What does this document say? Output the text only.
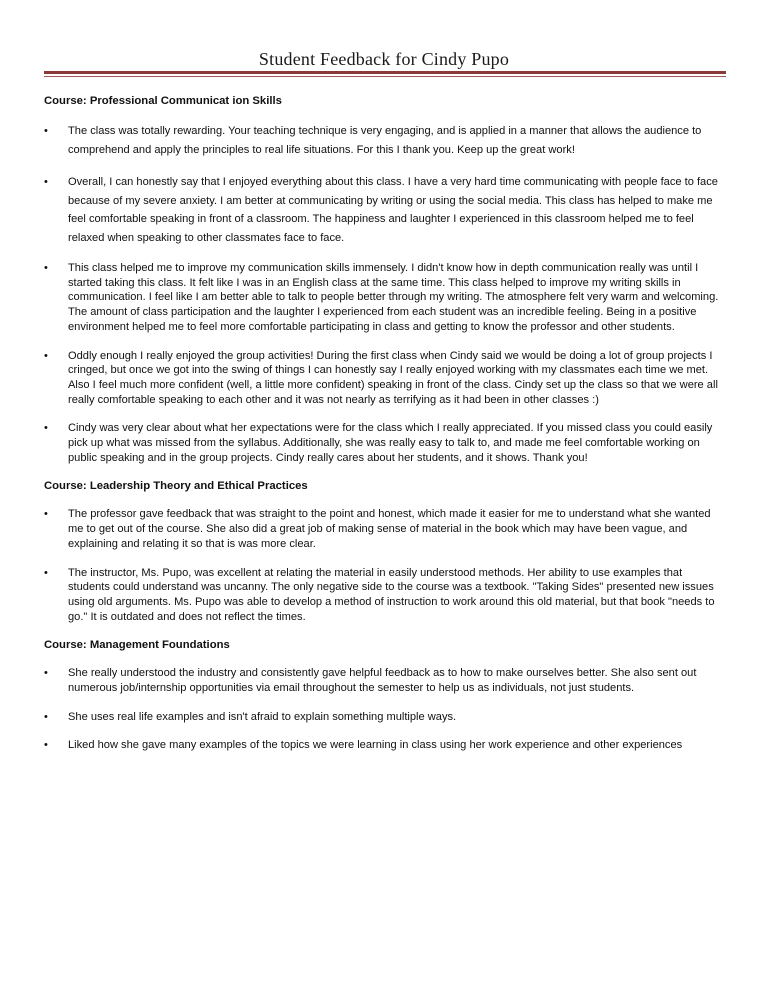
Student Feedback for Cindy Pupo
Course: Professional Communicat ion Skills
• The class was totally rewarding. Your teaching technique is very engaging, and is applied in a manner that allows the audience to comprehend and apply the principles to real life situations. For this I thank you. Keep up the great work!
• Overall, I can honestly say that I enjoyed everything about this class. I have a very hard time communicating with people face to face because of my severe anxiety. I am better at communicating by writing or using the social media. This class has helped to make me feel comfortable speaking in front of a classroom. The happiness and laughter I experienced in this classroom helped me to feel relaxed when speaking to other classmates face to face.
• This class helped me to improve my communication skills immensely. I didn't know how in depth communication really was until I started taking this class. It felt like I was in an English class at the same time. This class helped to improve my writing skills in communication. I feel like I am better able to talk to people better through my writing. The atmosphere felt very warm and welcoming. The amount of class participation and the laughter I experienced from each student was an incredible feeling. Being in a positive environment helped me to feel more comfortable participating in class and getting to know the professor and other students.
• Oddly enough I really enjoyed the group activities! During the first class when Cindy said we would be doing a lot of group projects I cringed, but once we got into the swing of things I can honestly say I really enjoyed working with my classmates each time we met. Also I feel much more confident (well, a little more confident) speaking in front of the class. Cindy set up the class so that we were all really comfortable speaking to each other and it was not nearly as terrifying as it had been in other classes :)
• Cindy was very clear about what her expectations were for the class which I really appreciated. If you missed class you could easily pick up what was missed from the syllabus. Additionally, she was really easy to talk to, and made me feel comfortable working on public speaking and in the group projects. Cindy really cares about her students, and it shows. Thank you!
Course: Leadership Theory and Ethical Practices
• The professor gave feedback that was straight to the point and honest, which made it easier for me to understand what she wanted me to get out of the course. She also did a great job of making sense of material in the book which may have been vague, and explaining and relating it so that is was more clear.
• The instructor, Ms. Pupo, was excellent at relating the material in easily understood methods. Her ability to use examples that students could understand was uncanny. The only negative side to the course was a textbook. "Taking Sides" presented new issues using old arguments. Ms. Pupo was able to develop a method of instruction to work around this old material, but that book "needs to go." It is outdated and does not reflect the times.
Course: Management Foundations
• She really understood the industry and consistently gave helpful feedback as to how to make ourselves better. She also sent out numerous job/internship opportunities via email throughout the semester to help us as individuals, not just students.
• She uses real life examples and isn't afraid to explain something multiple ways.
• Liked how she gave many examples of the topics we were learning in class using her work experience and other experiences
